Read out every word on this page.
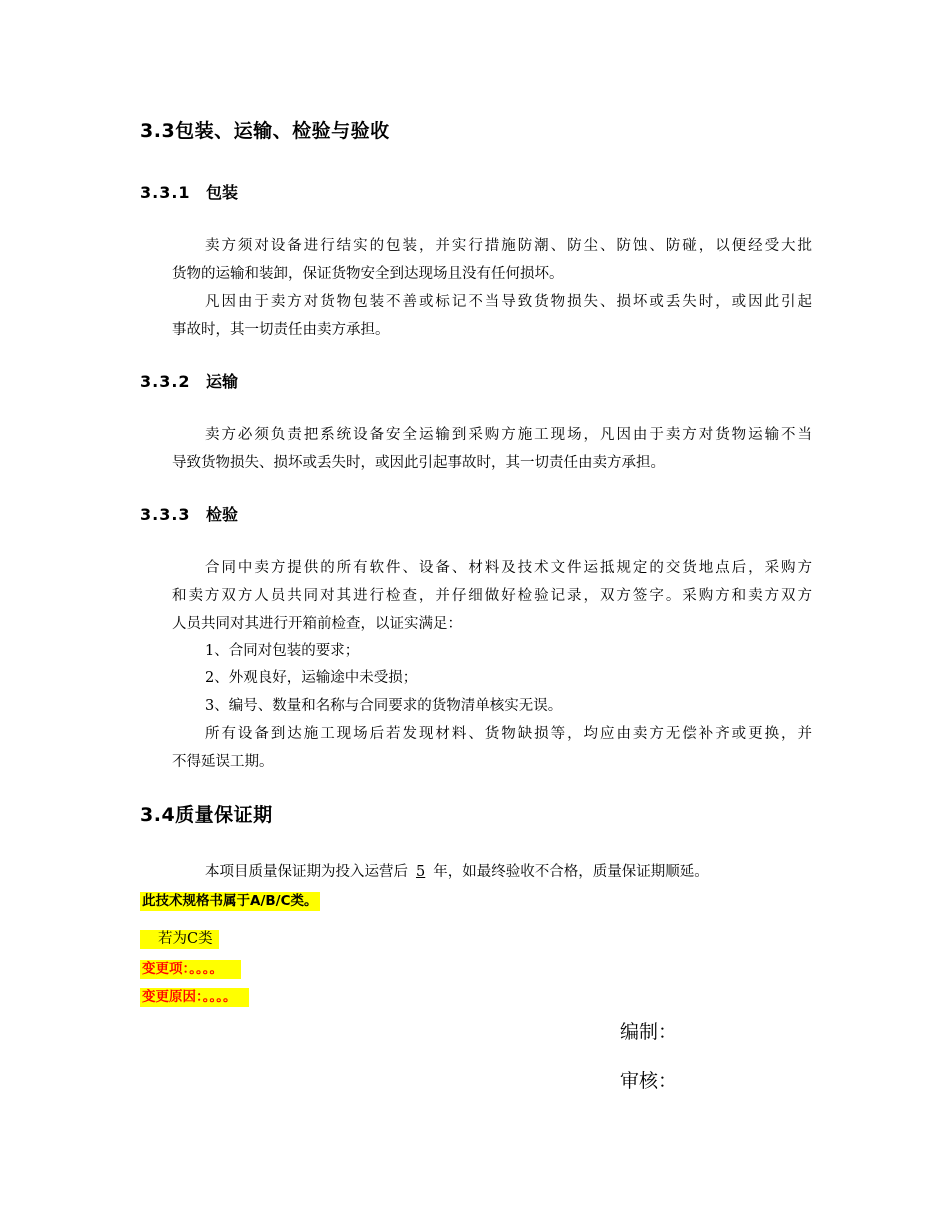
3.3包装、运输、检验与验收
3.3.1 包装
卖方须对设备进行结实的包装，并实行措施防潮、防尘、防蚀、防碰，以便经受大批
货物的运输和装卸，保证货物安全到达现场且没有任何损坏。
凡因由于卖方对货物包装不善或标记不当导致货物损失、损坏或丢失时，或因此引起
事故时，其一切责任由卖方承担。
3.3.2 运输
卖方必须负责把系统设备安全运输到采购方施工现场，凡因由于卖方对货物运输不当
导致货物损失、损坏或丢失时，或因此引起事故时，其一切责任由卖方承担。
3.3.3 检验
合同中卖方提供的所有软件、设备、材料及技术文件运抵规定的交货地点后，采购方
和卖方双方人员共同对其进行检查，并仔细做好检验记录，双方签字。采购方和卖方双方
人员共同对其进行开箱前检查，以证实满足：
1、合同对包装的要求；
2、外观良好，运输途中未受损；
3、编号、数量和名称与合同要求的货物清单核实无误。
所有设备到达施工现场后若发现材料、货物缺损等，均应由卖方无偿补齐或更换，并
不得延误工期。
3.4质量保证期
本项目质量保证期为投入运营后 5 年，如最终验收不合格，质量保证期顺延。
此技术规格书属于A/B/C类。
若为C类
变更项：。。。。
变更原因：。。。。
编制：
审核：
